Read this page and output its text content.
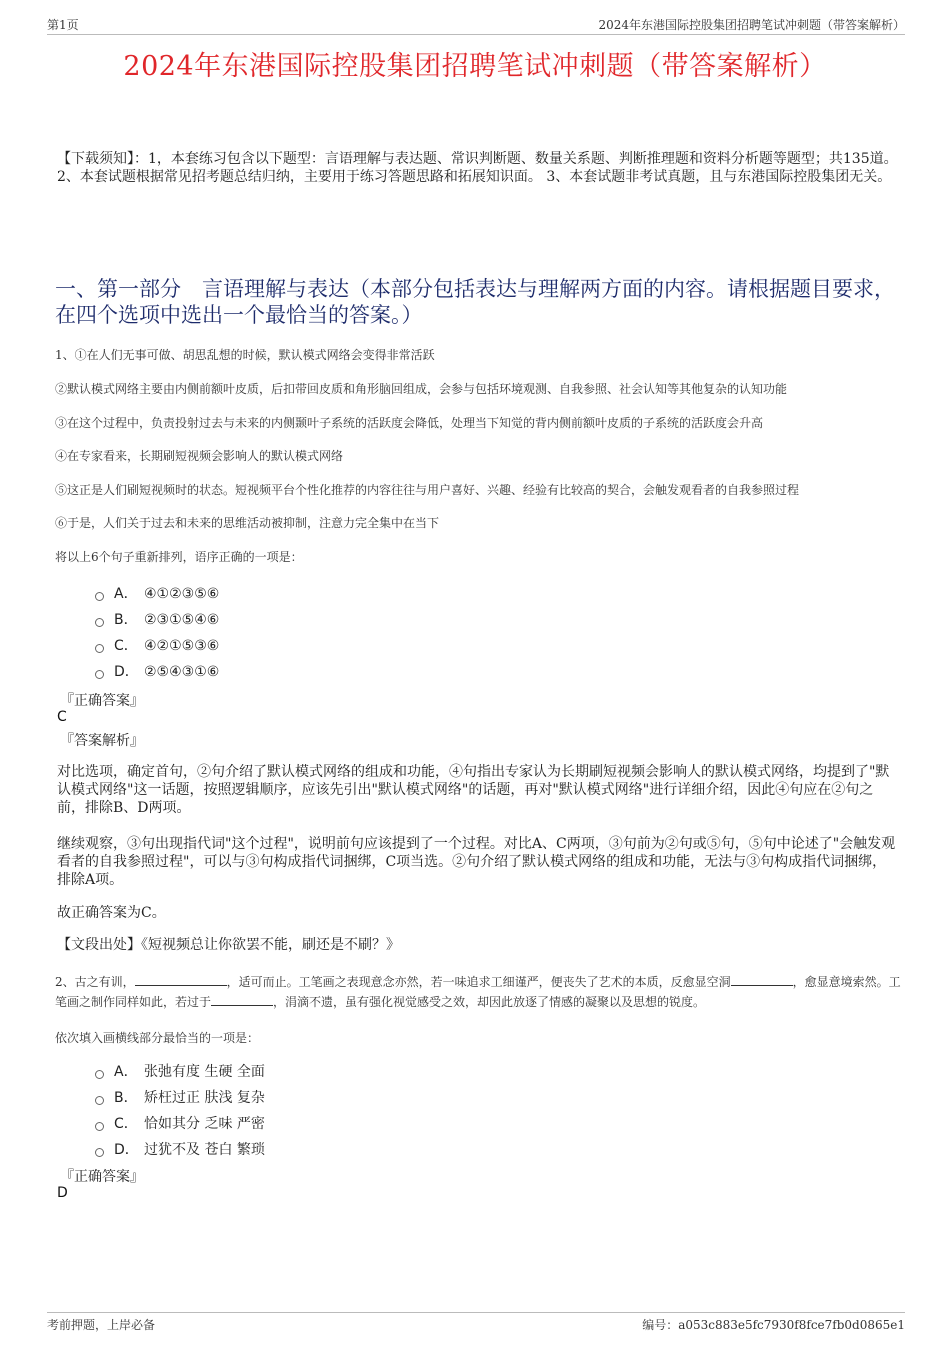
第1页	2024年东港国际控股集团招聘笔试冲刺题（带答案解析）
2024年东港国际控股集团招聘笔试冲刺题（带答案解析）
【下载须知】：1，本套练习包含以下题型：言语理解与表达题、常识判断题、数量关系题、判断推理题和资料分析题等题型；共135道。 2、本套试题根据常见招考题总结归纳，主要用于练习答题思路和拓展知识面。 3、本套试题非考试真题，且与东港国际控股集团无关。
一、第一部分　言语理解与表达（本部分包括表达与理解两方面的内容。请根据题目要求，在四个选项中选出一个最恰当的答案。）
1、①在人们无事可做、胡思乱想的时候，默认模式网络会变得非常活跃
②默认模式网络主要由内侧前额叶皮质，后扣带回皮质和角形脑回组成，会参与包括环境观测、自我参照、社会认知等其他复杂的认知功能
③在这个过程中，负责投射过去与未来的内侧颞叶子系统的活跃度会降低，处理当下知觉的背内侧前额叶皮质的子系统的活跃度会升高
④在专家看来，长期刷短视频会影响人的默认模式网络
⑤这正是人们刷短视频时的状态。短视频平台个性化推荐的内容往往与用户喜好、兴趣、经验有比较高的契合，会触发观看者的自我参照过程
⑥于是，人们关于过去和未来的思维活动被抑制，注意力完全集中在当下
将以上6个句子重新排列，语序正确的一项是：
A． ④①②③⑤⑥
B． ②③①⑤④⑥
C． ④②①⑤③⑥
D． ②⑤④③①⑥
『正确答案』
C
『答案解析』
对比选项，确定首句，②句介绍了默认模式网络的组成和功能，④句指出专家认为长期刷短视频会影响人的默认模式网络，均提到了"默认模式网络"这一话题，按照逻辑顺序，应该先引出"默认模式网络"的话题，再对"默认模式网络"进行详细介绍，因此④句应在②句之前，排除B、D两项。
继续观察，③句出现指代词"这个过程"，说明前句应该提到了一个过程。对比A、C两项，③句前为②句或⑤句，⑤句中论述了"会触发观看者的自我参照过程"，可以与③句构成指代词捆绑，C项当选。②句介绍了默认模式网络的组成和功能，无法与③句构成指代词捆绑，排除A项。
故正确答案为C。
【文段出处】《短视频总让你欲罢不能，刷还是不刷？》
2、古之有训，	，适可而止。工笔画之表现意念亦然，若一味追求工细谨严，便丧失了艺术的本质，反愈显空洞	，愈显意境索然。工笔画之制作同样如此，若过于	，涓滴不遗，虽有强化视觉感受之效，却因此放逐了情感的凝聚以及思想的锐度。
依次填入画横线部分最恰当的一项是：
A． 张弛有度 生硬 全面
B． 矫枉过正 肤浅 复杂
C． 恰如其分 乏味 严密
D． 过犹不及 苍白 繁琐
『正确答案』
D
考前押题，上岸必备	编号：a053c883e5fc7930f8fce7fb0d0865e1
